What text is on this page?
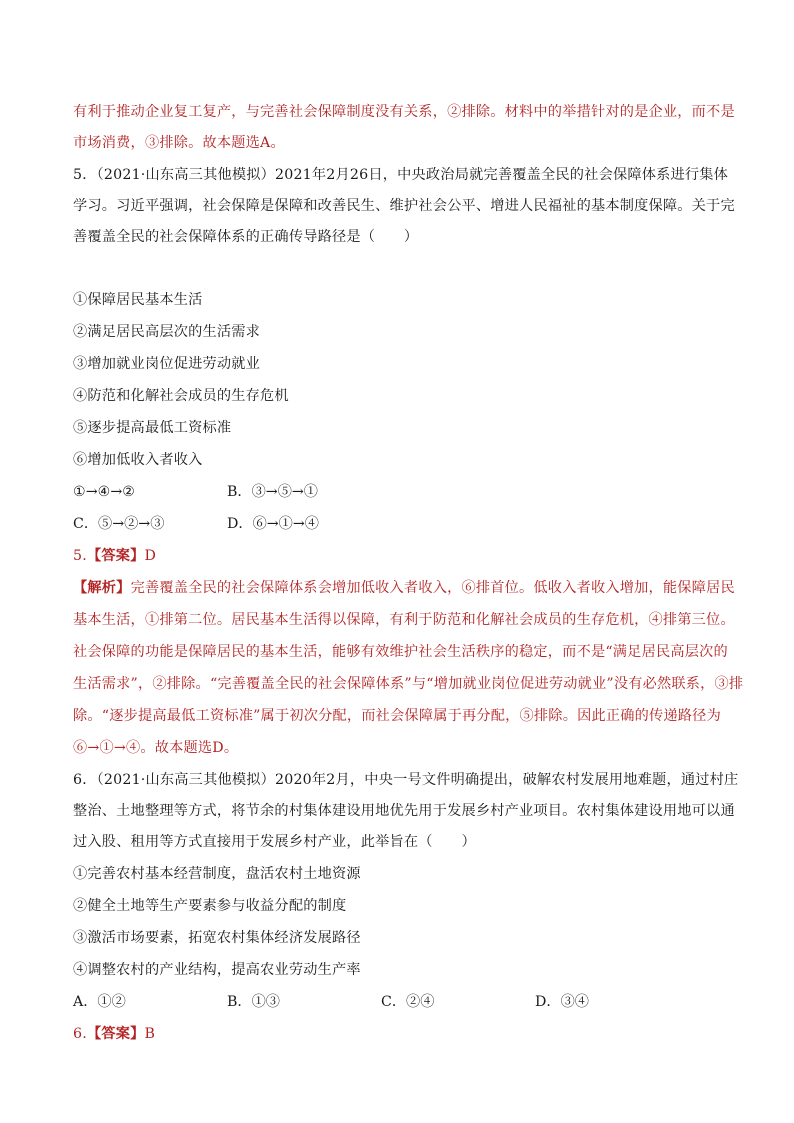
有利于推动企业复工复产，与完善社会保障制度没有关系，②排除。材料中的举措针对的是企业，而不是
市场消费，③排除。故本题选A。
5．（2021·山东高三其他模拟）2021年2月26日，中央政治局就完善覆盖全民的社会保障体系进行集体
学习。习近平强调，社会保障是保障和改善民生、维护社会公平、增进人民福祉的基本制度保障。关于完
善覆盖全民的社会保障体系的正确传导路径是（　　）
①保障居民基本生活
②满足居民高层次的生活需求
③增加就业岗位促进劳动就业
④防范和化解社会成员的生存危机
⑤逐步提高最低工资标准
⑥增加低收入者收入
①→④→②	B．③→⑤→①
C．⑤→②→③	D．⑥→①→④
5.【答案】D
【解析】完善覆盖全民的社会保障体系会增加低收入者收入，⑥排首位。低收入者收入增加，能保障居民
基本生活，①排第二位。居民基本生活得以保障，有利于防范和化解社会成员的生存危机，④排第三位。
社会保障的功能是保障居民的基本生活，能够有效维护社会生活秩序的稳定，而不是“满足居民高层次的
生活需求”，②排除。“完善覆盖全民的社会保障体系”与“增加就业岗位促进劳动就业”没有必然联系，③排
除。“逐步提高最低工资标准”属于初次分配，而社会保障属于再分配，⑤排除。因此正确的传递路径为
⑥→①→④。故本题选D。
6．（2021·山东高三其他模拟）2020年2月，中央一号文件明确提出，破解农村发展用地难题，通过村庄
整治、土地整理等方式，将节余的村集体建设用地优先用于发展乡村产业项目。农村集体建设用地可以通
过入股、租用等方式直接用于发展乡村产业，此举旨在（　　）
①完善农村基本经营制度，盘活农村土地资源
②健全土地等生产要素参与收益分配的制度
③激活市场要素，拓宽农村集体经济发展路径
④调整农村的产业结构，提高农业劳动生产率
A．①②	B．①③	C．②④	D．③④
6.【答案】B
